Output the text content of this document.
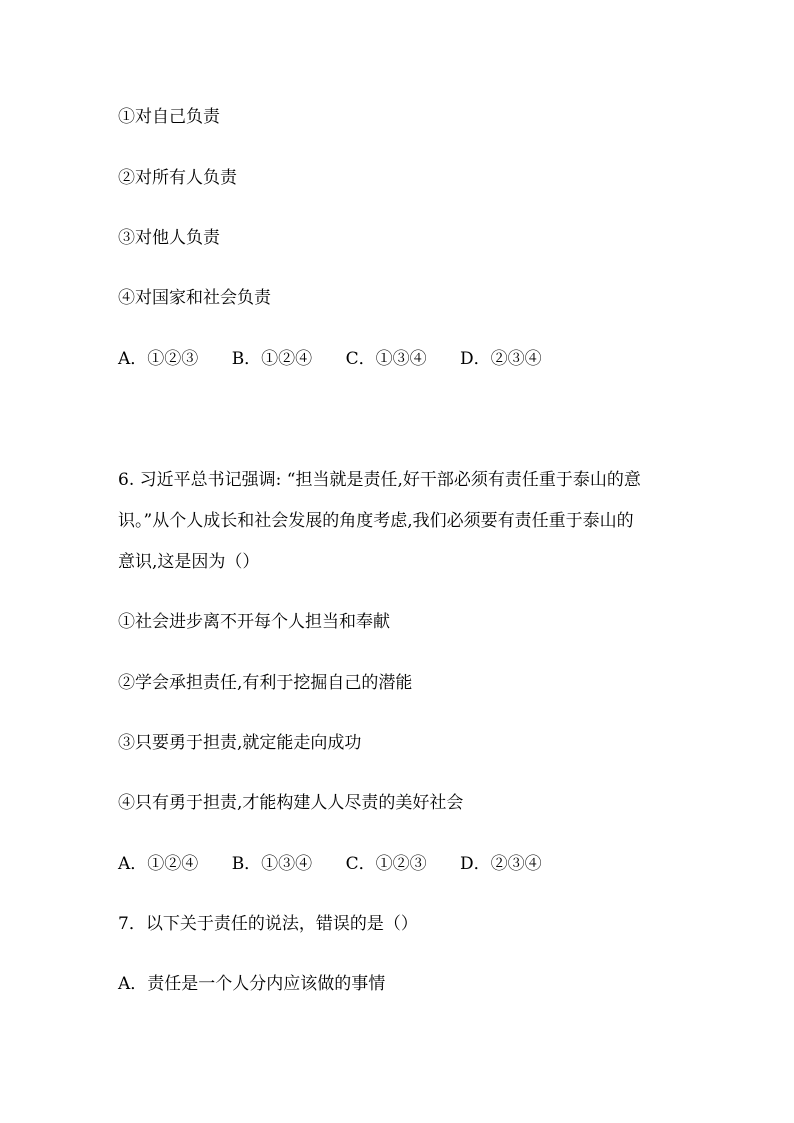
①对自己负责
②对所有人负责
③对他人负责
④对国家和社会负责
A．①②③ B．①②④ C．①③④ D．②③④
6. 习近平总书记强调: “担当就是责任,好干部必须有责任重于泰山的意
识。”从个人成长和社会发展的角度考虑,我们必须要有责任重于泰山的
意识,这是因为（）
①社会进步离不开每个人担当和奉献
②学会承担责任,有利于挖掘自己的潜能
③只要勇于担责,就定能走向成功
④只有勇于担责,才能构建人人尽责的美好社会
A．①②④ B．①③④ C．①②③ D．②③④
7．以下关于责任的说法，错误的是（）
A．责任是一个人分内应该做的事情
